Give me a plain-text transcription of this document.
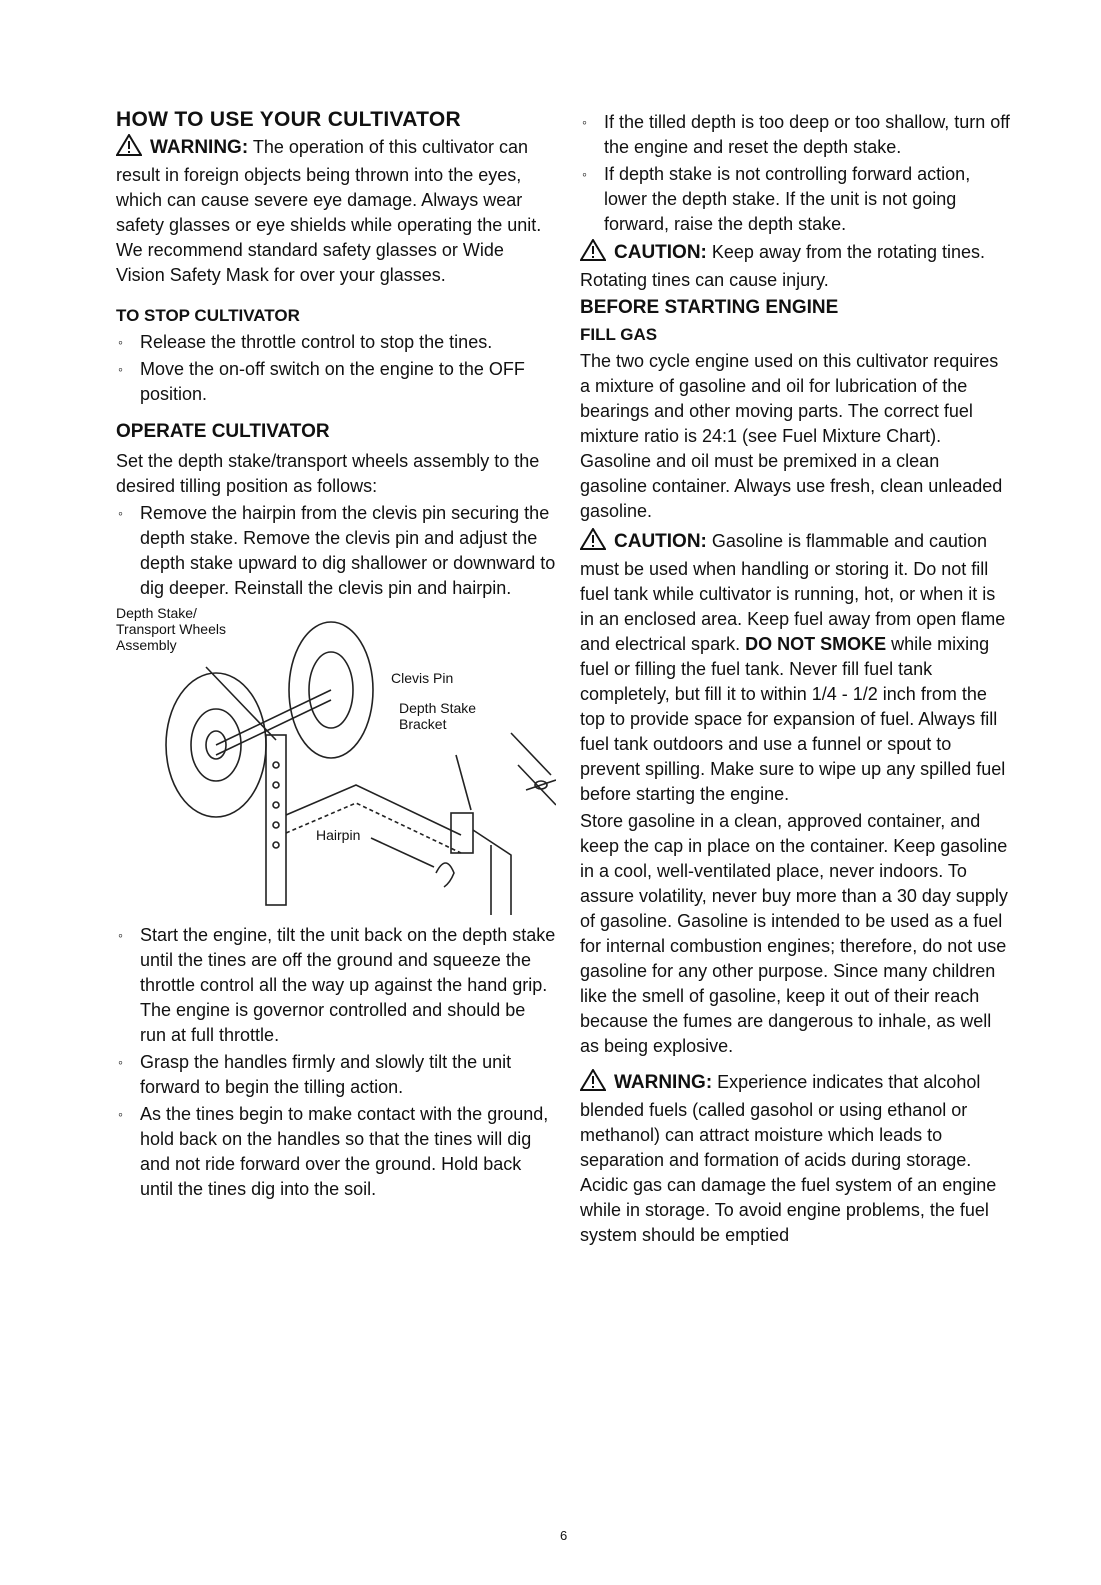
HOW TO USE YOUR CULTIVATOR
WARNING: The operation of this cultivator can result in foreign objects being thrown into the eyes, which can cause severe eye damage. Always wear safety glasses or eye shields while operating the unit.

We recommend standard safety glasses or Wide Vision Safety Mask for over your glasses.

TO STOP CULTIVATOR
◦ Release the throttle control to stop the tines.
◦ Move the on-off switch on the engine to the OFF position.
OPERATE CULTIVATOR

Set the depth stake/transport wheels assembly to the desired tilling position as follows:

◦ Remove the hairpin from the clevis pin securing the depth stake. Remove the clevis pin and adjust the depth stake upward to dig shallower or downward to dig deeper. Reinstall the clevis pin and hairpin.
Depth Stake/
Transport Wheels
Assembly
Clevis Pin
Depth Stake
Bracket
Hairpin
◦ Start the engine, tilt the unit back on the depth stake until the tines are off the ground and squeeze the throttle control all the way up against the hand grip. The engine is governor controlled and should be run at full throttle.
◦ Grasp the handles firmly and slowly tilt the unit forward to begin the tilling action.
◦ As the tines begin to make contact with the ground, hold back on the handles so that the tines will dig and not ride forward over the ground. Hold back until the tines dig into the soil.
◦ If the tilled depth is too deep or too shallow, turn off the engine and reset the depth stake.
◦ If depth stake is not controlling forward action, lower the depth stake. If the unit is not going forward, raise the depth stake.
CAUTION: Keep away from the rotating tines. Rotating tines can cause injury.
BEFORE STARTING ENGINE
FILL GAS

The two cycle engine used on this cultivator requires a mixture of gasoline and oil for lubrication of the bearings and other moving parts. The correct fuel mixture ratio is 24:1 (see Fuel Mixture Chart). Gasoline and oil must be premixed in a clean gasoline container. Always use fresh, clean unleaded gasoline.

CAUTION: Gasoline is flammable and caution must be used when handling or storing it. Do not fill fuel tank while cultivator is running, hot, or when it is in an enclosed area. Keep fuel away from open flame and electrical spark. DO NOT SMOKE while mixing fuel or filling the fuel tank. Never fill fuel tank completely, but fill it to within 1/4 - 1/2 inch from the top to provide space for expansion of fuel. Always fill fuel tank outdoors and use a funnel or spout to prevent spilling. Make sure to wipe up any spilled fuel before starting the engine.

Store gasoline in a clean, approved container, and keep the cap in place on the container. Keep gasoline in a cool, well-ventilated place, never indoors. To assure volatility, never buy more than a 30 day supply of gasoline. Gasoline is intended to be used as a fuel for internal combustion engines; therefore, do not use gasoline for any other purpose. Since many children like the smell of gasoline, keep it out of their reach because the fumes are dangerous to inhale, as well as being explosive.

WARNING: Experience indicates that alcohol blended fuels (called gasohol or using ethanol or methanol) can attract moisture which leads to separation and formation of acids during storage. Acidic gas can damage the fuel system of an engine while in storage. To avoid engine problems, the fuel system should be emptied
6
